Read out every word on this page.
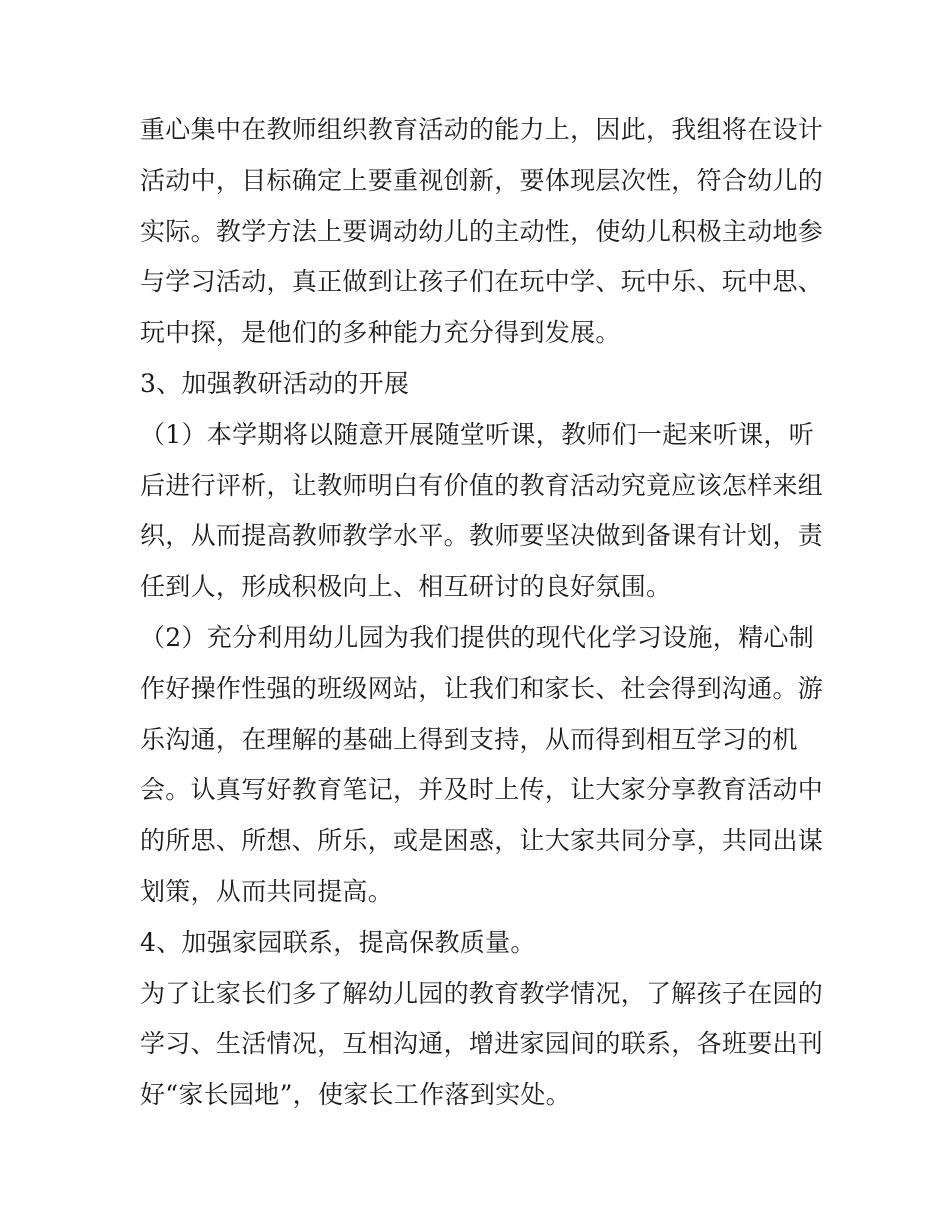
重心集中在教师组织教育活动的能力上，因此，我组将在设计
活动中，目标确定上要重视创新，要体现层次性，符合幼儿的
实际。教学方法上要调动幼儿的主动性，使幼儿积极主动地参
与学习活动，真正做到让孩子们在玩中学、玩中乐、玩中思、
玩中探，是他们的多种能力充分得到发展。
3、加强教研活动的开展
（1）本学期将以随意开展随堂听课，教师们一起来听课，听
后进行评析，让教师明白有价值的教育活动究竟应该怎样来组
织，从而提高教师教学水平。教师要坚决做到备课有计划，责
任到人，形成积极向上、相互研讨的良好氛围。
（2）充分利用幼儿园为我们提供的现代化学习设施，精心制
作好操作性强的班级网站，让我们和家长、社会得到沟通。游
乐沟通，在理解的基础上得到支持，从而得到相互学习的机
会。认真写好教育笔记，并及时上传，让大家分享教育活动中
的所思、所想、所乐，或是困惑，让大家共同分享，共同出谋
划策，从而共同提高。
4、加强家园联系，提高保教质量。
为了让家长们多了解幼儿园的教育教学情况，了解孩子在园的
学习、生活情况，互相沟通，增进家园间的联系，各班要出刊
好“家长园地”，使家长工作落到实处。
